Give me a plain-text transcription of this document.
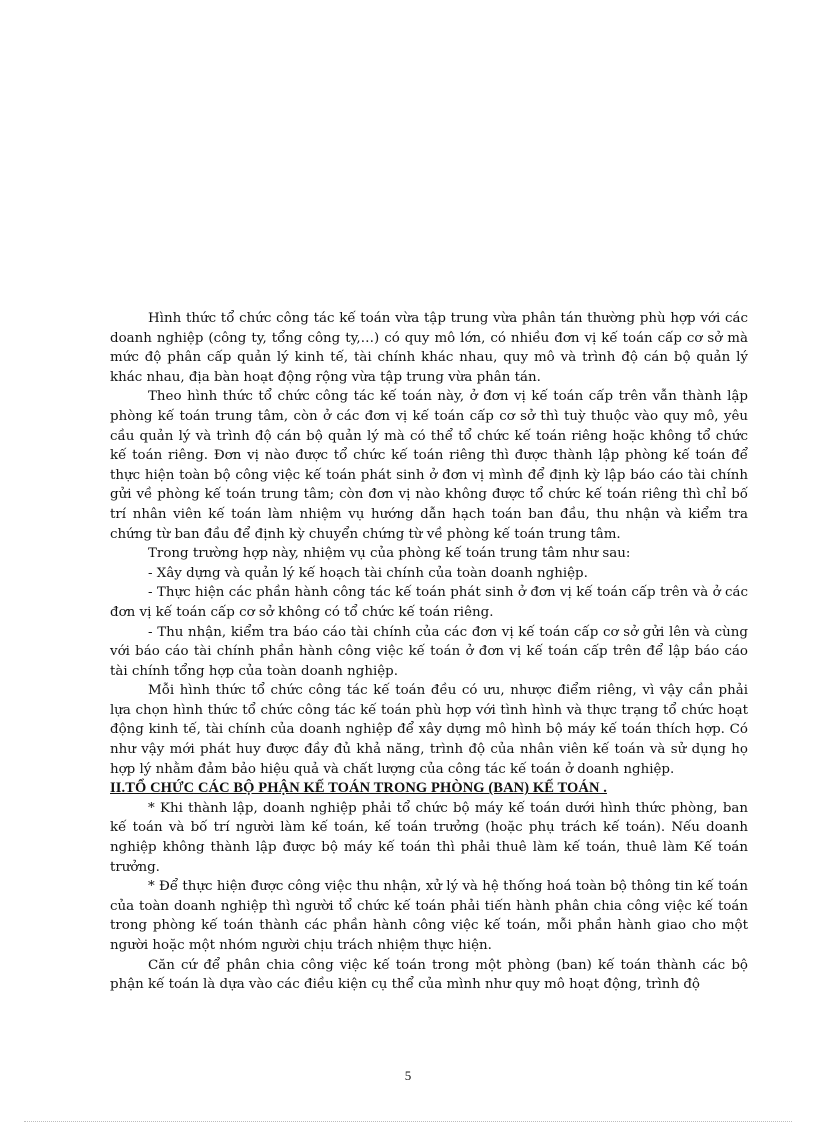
Hình thức tổ chức công tác kế toán vừa tập trung vừa phân tán thường phù hợp với các doanh nghiệp (công ty, tổng công ty,…) có quy mô lớn, có nhiều đơn vị kế toán cấp cơ sở mà mức độ phân cấp quản lý kinh tế, tài chính khác nhau, quy mô và trình độ cán bộ quản lý khác nhau, địa bàn hoạt động rộng vừa tập trung vừa phân tán.

Theo hình thức tổ chức công tác kế toán này, ở đơn vị kế toán cấp trên vẫn thành lập phòng kế toán trung tâm, còn ở các đơn vị kế toán cấp cơ sở thì tuỳ thuộc vào quy mô, yêu cầu quản lý và trình độ cán bộ quản lý mà có thể tổ chức kế toán riêng hoặc không tổ chức kế toán riêng. Đơn vị nào được tổ chức kế toán riêng thì được thành lập phòng kế toán để thực hiện toàn bộ công việc kế toán phát sinh ở đơn vị mình để định kỳ lập báo cáo tài chính gửi về phòng kế toán trung tâm; còn đơn vị nào không được tổ chức kế toán riêng thì chỉ bố trí nhân viên kế toán làm nhiệm vụ hướng dẫn hạch toán ban đầu, thu nhận và kiểm tra chứng từ ban đầu để định kỳ chuyển chứng từ về phòng kế toán trung tâm.

Trong trường hợp này, nhiệm vụ của phòng kế toán trung tâm như sau:

- Xây dựng và quản lý kế hoạch tài chính của toàn doanh nghiệp.

- Thực hiện các phần hành công tác kế toán phát sinh ở đơn vị kế toán cấp trên và ở các đơn vị kế toán cấp cơ sở không có tổ chức kế toán riêng.

- Thu nhận, kiểm tra báo cáo tài chính của các đơn vị kế toán cấp cơ sở gửi lên và cùng với báo cáo tài chính phần hành công việc kế toán ở đơn vị kế toán cấp trên để lập báo cáo tài chính tổng hợp của toàn doanh nghiệp.

Mỗi hình thức tổ chức công tác kế toán đều có ưu, nhược điểm riêng, vì vậy cần phải lựa chọn hình thức tổ chức công tác kế toán phù hợp với tình hình và thực trạng tổ chức hoạt động kinh tế, tài chính của doanh nghiệp để xây dựng mô hình bộ máy kế toán thích hợp. Có như vậy mới phát huy được đầy đủ khả năng, trình độ của nhân viên kế toán và sử dụng họ hợp lý nhằm đảm bảo hiệu quả và chất lượng của công tác kế toán ở doanh nghiệp.

II.TỔ CHỨC CÁC BỘ PHẬN KẾ TOÁN TRONG PHÒNG (BAN) KẾ TOÁN .

* Khi thành lập, doanh nghiệp phải tổ chức bộ máy kế toán dưới hình thức phòng, ban kế toán và bố trí người làm kế toán, kế toán trưởng (hoặc phụ trách kế toán). Nếu doanh nghiệp không thành lập được bộ máy kế toán thì phải thuê làm kế toán, thuê làm Kế toán trưởng.

* Để thực hiện được công việc thu nhận, xử lý và hệ thống hoá toàn bộ thông tin kế toán của toàn doanh nghiệp thì người tổ chức kế toán phải tiến hành phân chia công việc kế toán trong phòng kế toán thành các phần hành công việc kế toán, mỗi phần hành giao cho một người hoặc một nhóm người chịu trách nhiệm thực hiện.

Căn cứ để phân chia công việc kế toán trong một phòng (ban) kế toán thành các bộ phận kế toán là dựa vào các điều kiện cụ thể của mình như quy mô hoạt động, trình độ

5
